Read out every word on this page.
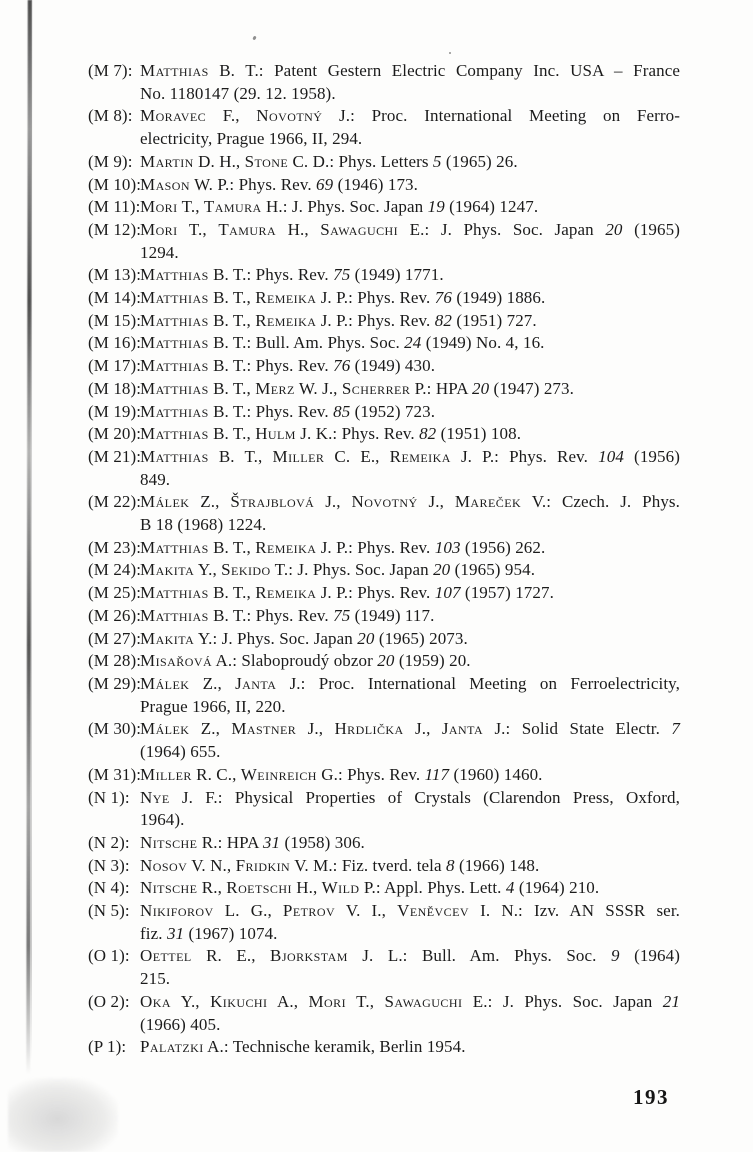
(M 7): Matthias B. T.: Patent Gestern Electric Company Inc. USA – France
No. 1180147 (29. 12. 1958).
(M 8): Moravec F., Novotný J.: Proc. International Meeting on Ferro-
electricity, Prague 1966, II, 294.
(M 9): Martin D. H., Stone C. D.: Phys. Letters 5 (1965) 26.
(M 10):
Mason W. P.: Phys. Rev. 69 (1946) 173.
(M 11): Mori T., Tamura H.: J. Phys. Soc. Japan 19 (1964) 1247.
(M 12):
Mori T., Tamura H., Sawaguchi E.: J. Phys. Soc. Japan 20 (1965)
1294.
(M 13):
Matthias B. T.: Phys. Rev. 75 (1949) 1771.
(M 14):
Matthias B. T., Remeika J. P.: Phys. Rev. 76 (1949) 1886.
(M 15):
Matthias B. T., Remeika J. P.: Phys. Rev. 82 (1951) 727.
(M 16):
Matthias B. T.: Bull. Am. Phys. Soc. 24 (1949) No. 4, 16.
(M 17):
Matthias B. T.: Phys. Rev. 76 (1949) 430.
(M 18):
Matthias B. T., Merz W. J., Scherrer P.: HPA 20 (1947) 273.
(M 19):
Matthias B. T.: Phys. Rev. 85 (1952) 723.
(M 20):
Matthias B. T., Hulm J. K.: Phys. Rev. 82 (1951) 108.
(M 21):
Matthias B. T., Miller C. E., Remeika J. P.: Phys. Rev. 104 (1956)
849.
(M 22):
Málek Z., Štrajblová J., Novotný J., Mareček V.: Czech. J. Phys.
B 18 (1968) 1224.
(M 23):
Matthias B. T., Remeika J. P.: Phys. Rev. 103 (1956) 262.
(M 24):
Makita Y., Sekido T.: J. Phys. Soc. Japan 20 (1965) 954.
(M 25):
Matthias B. T., Remeika J. P.: Phys. Rev. 107 (1957) 1727.
(M 26):
Matthias B. T.: Phys. Rev. 75 (1949) 117.
(M 27):
Makita Y.: J. Phys. Soc. Japan 20 (1965) 2073.
(M 28):
Misařová A.: Slaboproudý obzor 20 (1959) 20.
(M 29):
Málek Z., Janta J.: Proc. International Meeting on Ferroelectricity,
Prague 1966, II, 220.
(M 30):
Málek Z., Mastner J., Hrdlička J., Janta J.: Solid State Electr. 7
(1964) 655.
(M 31):
Miller R. C., Weinreich G.: Phys. Rev. 117 (1960) 1460.
(N 1): Nye J. F.: Physical Properties of Crystals (Clarendon Press, Oxford,
1964).
(N 2): Nitsche R.: HPA 31 (1958) 306.
(N 3): Nosov V. N., Fridkin V. M.: Fiz. tverd. tela 8 (1966) 148.
(N 4): Nitsche R., Roetschi H., Wild P.: Appl. Phys. Lett. 4 (1964) 210.
(N 5): Nikiforov L. G., Petrov V. I., Veněvcev I. N.: Izv. AN SSSR ser.
fiz. 31 (1967) 1074.
(O 1): Oettel R. E., Bjorkstam J. L.: Bull. Am. Phys. Soc. 9 (1964)
215.
(O 2): Oka Y., Kikuchi A., Mori T., Sawaguchi E.: J. Phys. Soc. Japan 21
(1966) 405.
(P 1): Palatzki A.: Technische keramik, Berlin 1954.
193
